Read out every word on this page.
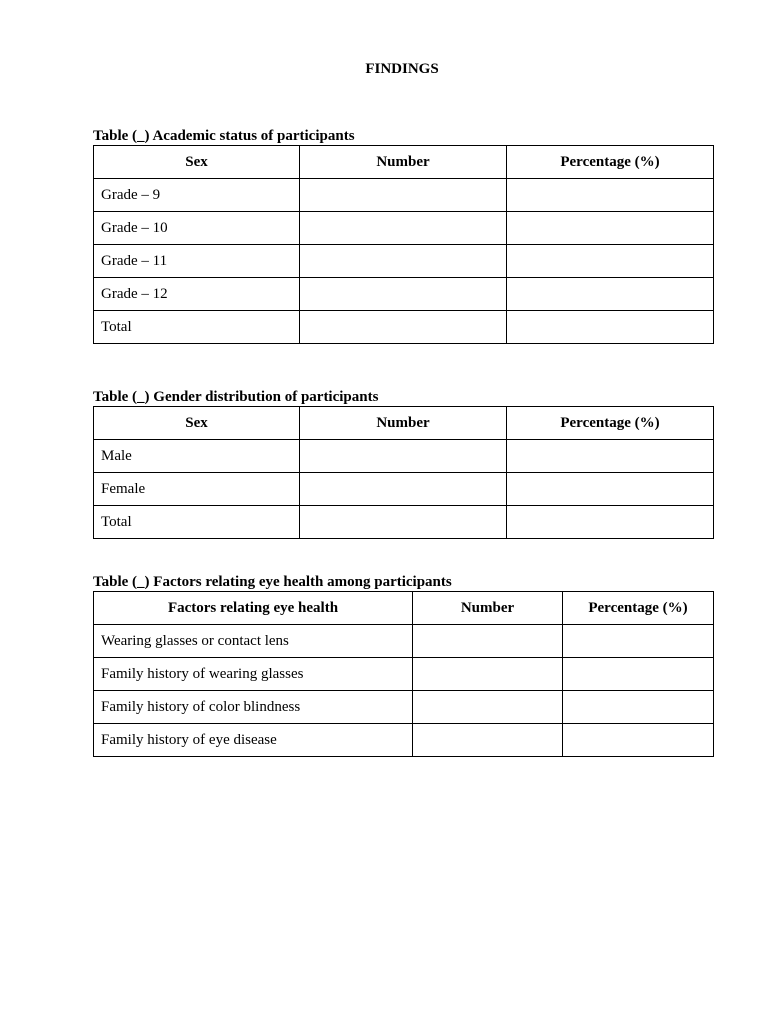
FINDINGS

Table (_) Academic status of participants

Sex	Number	Percentage (%)
Grade – 9		
Grade – 10		
Grade – 11		
Grade – 12		
Total		

Table (_) Gender distribution of participants

Sex	Number	Percentage (%)
Male		
Female		
Total		

Table (_) Factors relating eye health among participants

Factors relating eye health	Number	Percentage (%)
Wearing glasses or contact lens		
Family history of wearing glasses		
Family history of color blindness		
Family history of eye disease		
